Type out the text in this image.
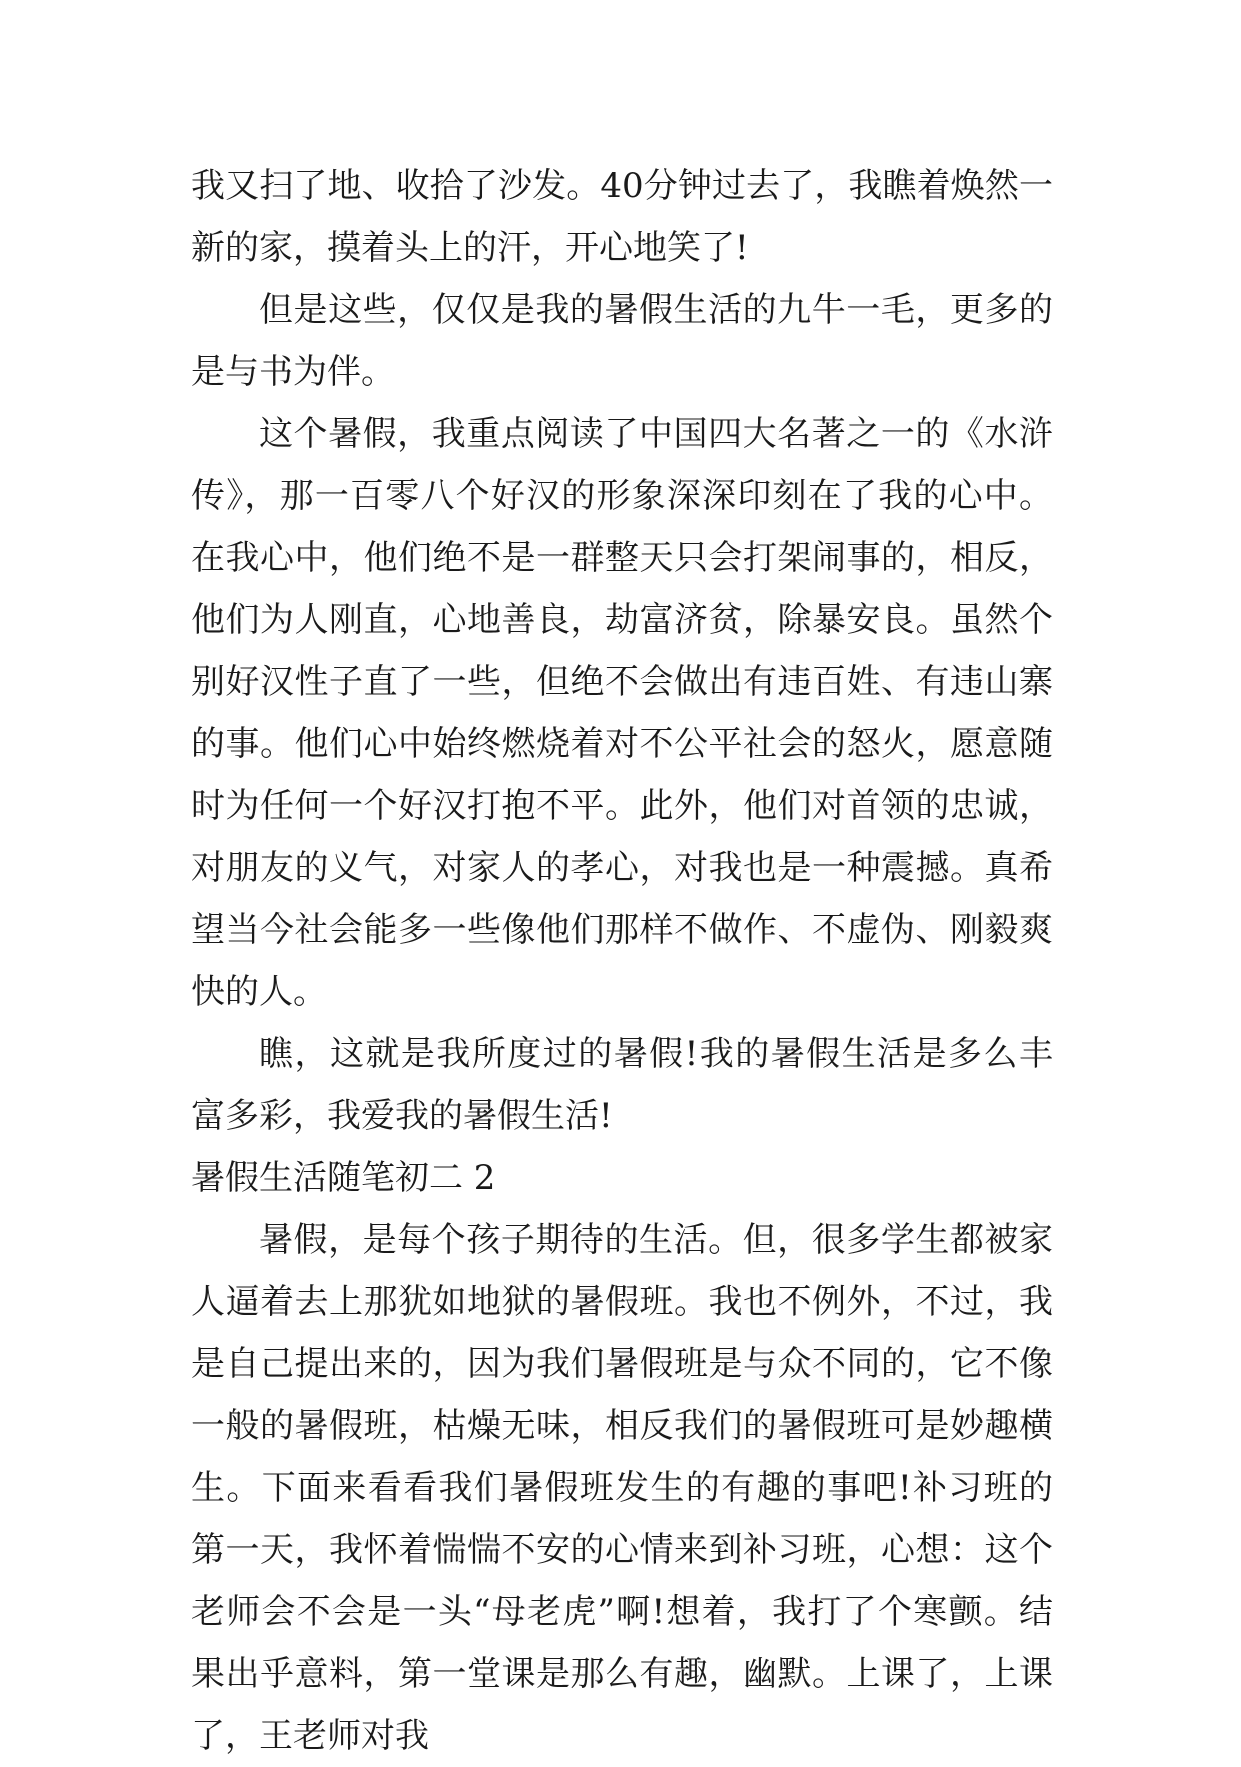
我又扫了地、收拾了沙发。40分钟过去了，我瞧着焕然一新的家，摸着头上的汗，开心地笑了!

但是这些，仅仅是我的暑假生活的九牛一毛，更多的是与书为伴。

这个暑假，我重点阅读了中国四大名著之一的《水浒传》，那一百零八个好汉的形象深深印刻在了我的心中。在我心中，他们绝不是一群整天只会打架闹事的，相反，他们为人刚直，心地善良，劫富济贫，除暴安良。虽然个别好汉性子直了一些，但绝不会做出有违百姓、有违山寨的事。他们心中始终燃烧着对不公平社会的怒火，愿意随时为任何一个好汉打抱不平。此外，他们对首领的忠诚，对朋友的义气，对家人的孝心，对我也是一种震撼。真希望当今社会能多一些像他们那样不做作、不虚伪、刚毅爽快的人。

瞧，这就是我所度过的暑假!我的暑假生活是多么丰富多彩，我爱我的暑假生活!

暑假生活随笔初二 2

暑假，是每个孩子期待的生活。但，很多学生都被家人逼着去上那犹如地狱的暑假班。我也不例外，不过，我是自己提出来的，因为我们暑假班是与众不同的，它不像一般的暑假班，枯燥无味，相反我们的暑假班可是妙趣横生。下面来看看我们暑假班发生的有趣的事吧!补习班的第一天，我怀着惴惴不安的心情来到补习班，心想：这个老师会不会是一头“母老虎”啊!想着，我打了个寒颤。结果出乎意料，第一堂课是那么有趣，幽默。上课了，上课了，王老师对我
